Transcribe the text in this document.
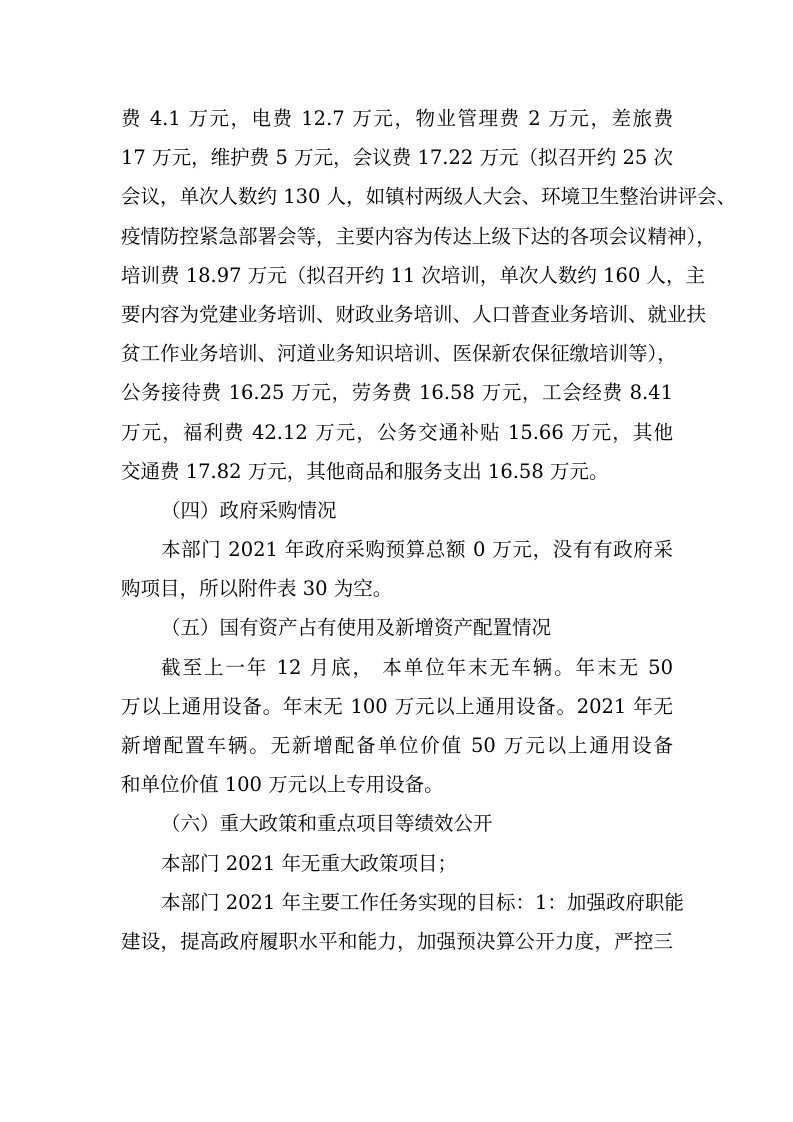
费 4.1 万元，电费 12.7 万元，物业管理费 2 万元，差旅费
17 万元，维护费 5 万元，会议费 17.22 万元（拟召开约 25 次
会议，单次人数约 130 人，如镇村两级人大会、环境卫生整治讲评会、
疫情防控紧急部署会等，主要内容为传达上级下达的各项会议精神），
培训费 18.97 万元（拟召开约 11 次培训，单次人数约 160 人，主
要内容为党建业务培训、财政业务培训、人口普查业务培训、就业扶
贫工作业务培训、河道业务知识培训、医保新农保征缴培训等），
公务接待费 16.25 万元，劳务费 16.58 万元，工会经费 8.41
万元，福利费 42.12 万元，公务交通补贴 15.66 万元，其他
交通费 17.82 万元，其他商品和服务支出 16.58 万元。
（四）政府采购情况
本部门 2021 年政府采购预算总额 0 万元，没有有政府采
购项目，所以附件表 30 为空。
（五）国有资产占有使用及新增资产配置情况
截至上一年 12 月底， 本单位年末无车辆。年末无 50
万以上通用设备。年末无 100 万元以上通用设备。2021 年无
新增配置车辆。无新增配备单位价值 50 万元以上通用设备
和单位价值 100 万元以上专用设备。
（六）重大政策和重点项目等绩效公开
本部门 2021 年无重大政策项目；
本部门 2021 年主要工作任务实现的目标：1：加强政府职能
建设，提高政府履职水平和能力，加强预决算公开力度，严控三
